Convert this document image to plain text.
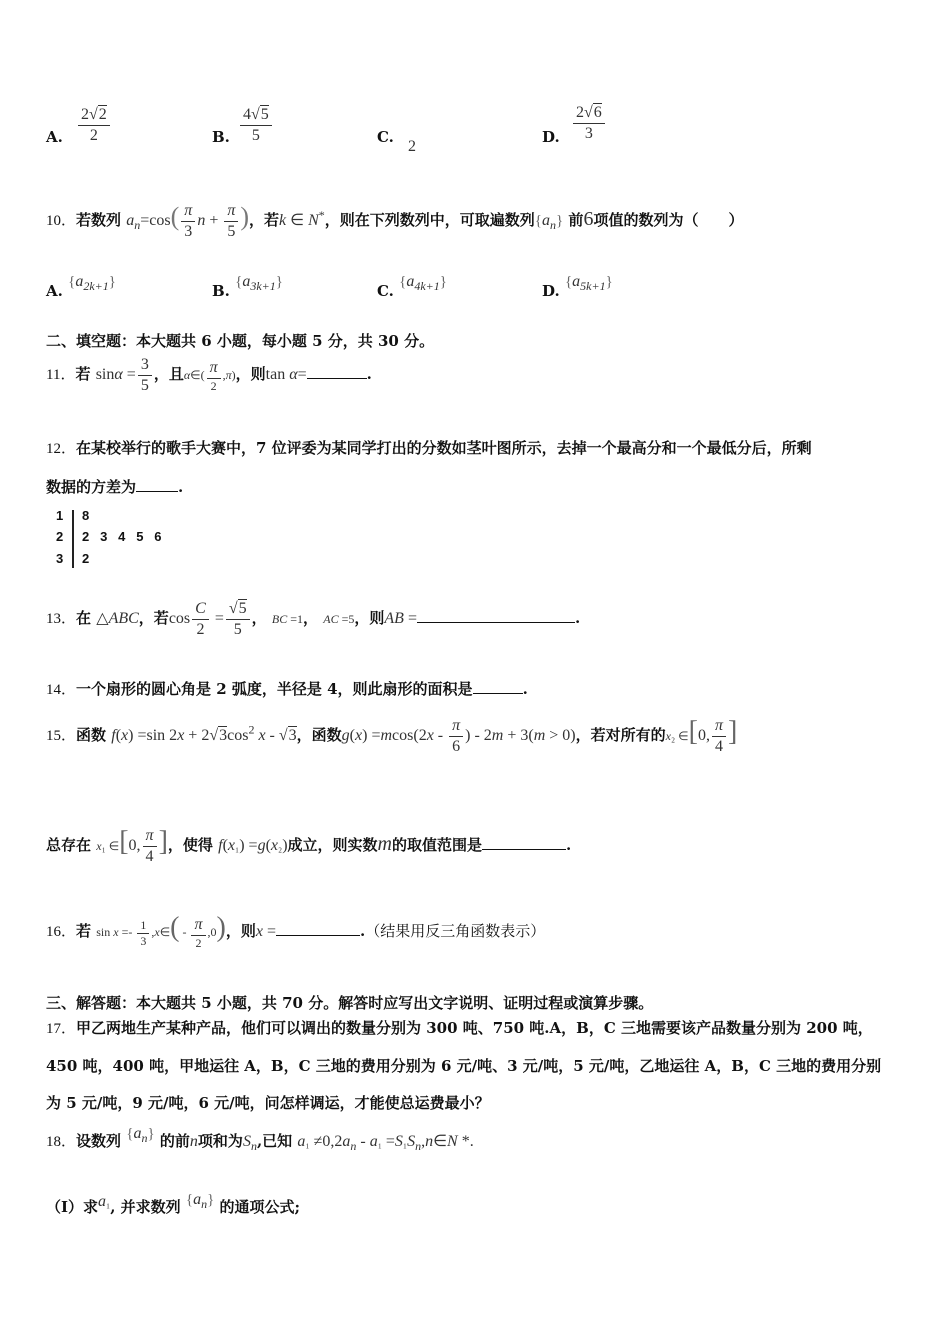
A. $\frac{2√2}{2}$	B. $\frac{4√5}{5}$	C.
2
D. $\frac{2√6}{3}$
10．若数列 $a_n=\cos( \frac{\pi}{3}$ $n + \frac{\pi}{5}$ )，若k ∈ N*，则在下列数列中，可取遍数列$\{a_n\}$ 前6项值的数列为（　　）
A. $\{a_{2k+1}\}$	B. $\{a_{3k+1}\}$	C. $\{a_{4k+1}\}$	D. $\{a_{5k+1}\}$
二、填空题：本大题共 6 小题，每小题 5 分，共 30 分。
11．若 $\sin\alpha = \frac{3}{5}$ ，且α∈( $\frac{\pi}{2} ,\pi$)，则tan α=	.
12．在某校举行的歌手大赛中，7 位评委为某同学打出的分数如茎叶图所示，去掉一个最高分和一个最低分后，所剩
数据的方差为	.
1 8
2 2   3   4   5   6
3 2
13．在 △ABC，若$\cos \frac{C}{2} = \frac{√5}{5}$ ， BC =1， AC =5，则AB =	.
14．一个扇形的圆心角是 2 弧度，半径是 4，则此扇形的面积是	.
15．函数 f(x) =sin $2x + 2√3\cos^2$ x - √3，函数$g(x) =mcos(2x - \frac{\pi}{6}$ ) - 2m + 3(m > 0)，若对所有的x₂ ∈[0, $\frac{\pi}{4}$ ]
总存在 x₁ ∈[0, $\frac{\pi}{4}$ ]，使得 f(x₁) =g(x₂)成立，则实数m的取值范围是	.
16．若 $\sin x =- \frac{1}{3}$ ,x∈( - $\frac{\pi}{2} ,0$)，则x =	.（结果用反三角函数表示）
三、解答题：本大题共 5 小题，共 70 分。解答时应写出文字说明、证明过程或演算步骤。
17．甲乙两地生产某种产品，他们可以调出的数量分别为 300 吨、750 吨.A，B，C 三地需要该产品数量分别为 200 吨，
450 吨，400 吨，甲地运往 A，B，C 三地的费用分别为 6 元/吨、3 元/吨，5 元/吨，乙地运往 A，B，C 三地的费用分别
为 5 元/吨，9 元/吨，6 元/吨，问怎样调运，才能使总运费最小？
18．设数列 $\{a_n\}$ 的前n项和为$S_n$,已知 $a_1 \ne 0,2a_n - a_1$ $=S_1S_n,n\in N$ *.
（Ⅰ）求$a^{_1}$, 并求数列 $\{a_n\}$ 的通项公式;
